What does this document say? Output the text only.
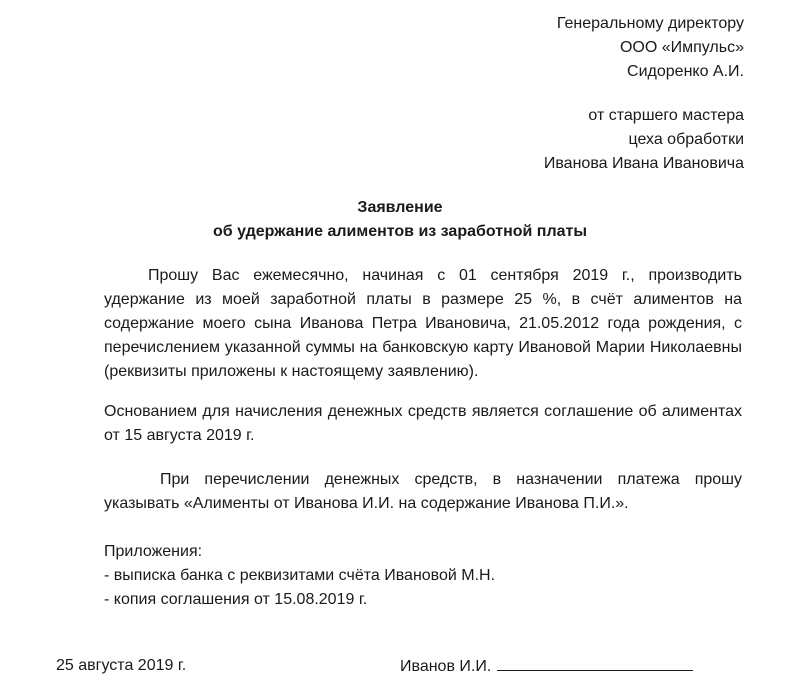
Генеральному директору
ООО «Импульс»
Сидоренко А.И.
от старшего мастера
цеха обработки
Иванова Ивана Ивановича
Заявление
об удержание алиментов из заработной платы
Прошу Вас ежемесячно, начиная с 01 сентября 2019 г., производить удержание из моей заработной платы в размере 25 %, в счёт алиментов на содержание моего сына Иванова Петра Ивановича, 21.05.2012 года рождения, с перечислением указанной суммы на банковскую карту Ивановой Марии Николаевны (реквизиты приложены к настоящему заявлению).
Основанием для начисления денежных средств является соглашение об алиментах от 15 августа 2019 г.
При перечислении денежных средств, в назначении платежа прошу указывать «Алименты от Иванова И.И. на содержание Иванова П.И.».
Приложения:
- выписка банка с реквизитами счёта Ивановой М.Н.
- копия соглашения от 15.08.2019 г.
25 августа 2019 г.	Иванов И.И.
